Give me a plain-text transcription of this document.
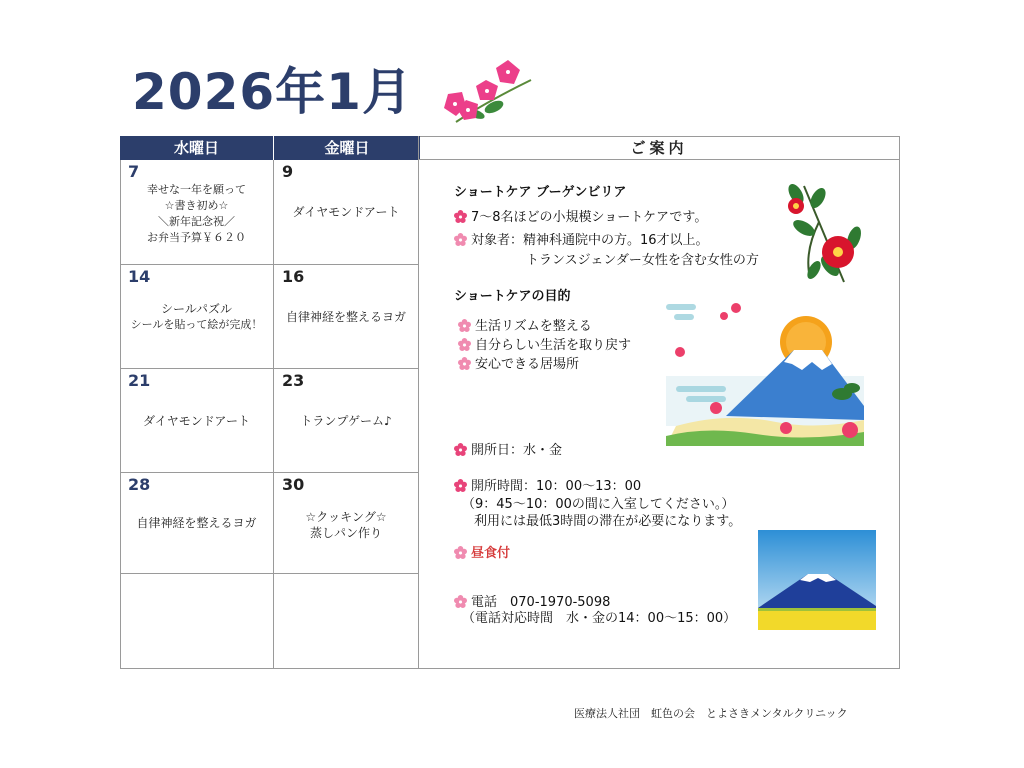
2026年1月
水曜日	金曜日
7
幸せな一年を願って
☆書き初め☆
＼新年記念祝／
お弁当予算￥６２０
9
ダイヤモンドアート
14
シールパズル
シールを貼って絵が完成！
16
自律神経を整えるヨガ
21
ダイヤモンドアート
23
トランプゲーム♪
28
自律神経を整えるヨガ
30
☆クッキング☆
蒸しパン作り
ご案内
ショートケア ブーゲンビリア
7～8名ほどの小規模ショートケアです。
対象者：精神科通院中の方。16才以上。
トランスジェンダー女性を含む女性の方
ショートケアの目的
生活リズムを整える
自分らしい生活を取り戻す
安心できる居場所
開所日：水・金
開所時間：10：00～13：00
（9：45～10：00の間に入室してください。）
利用には最低3時間の滞在が必要になります。
昼食付
電話　070-1970-5098
（電話対応時間　水・金の14：00～15：00）
医療法人社団　虹色の会　とよさきメンタルクリニック
